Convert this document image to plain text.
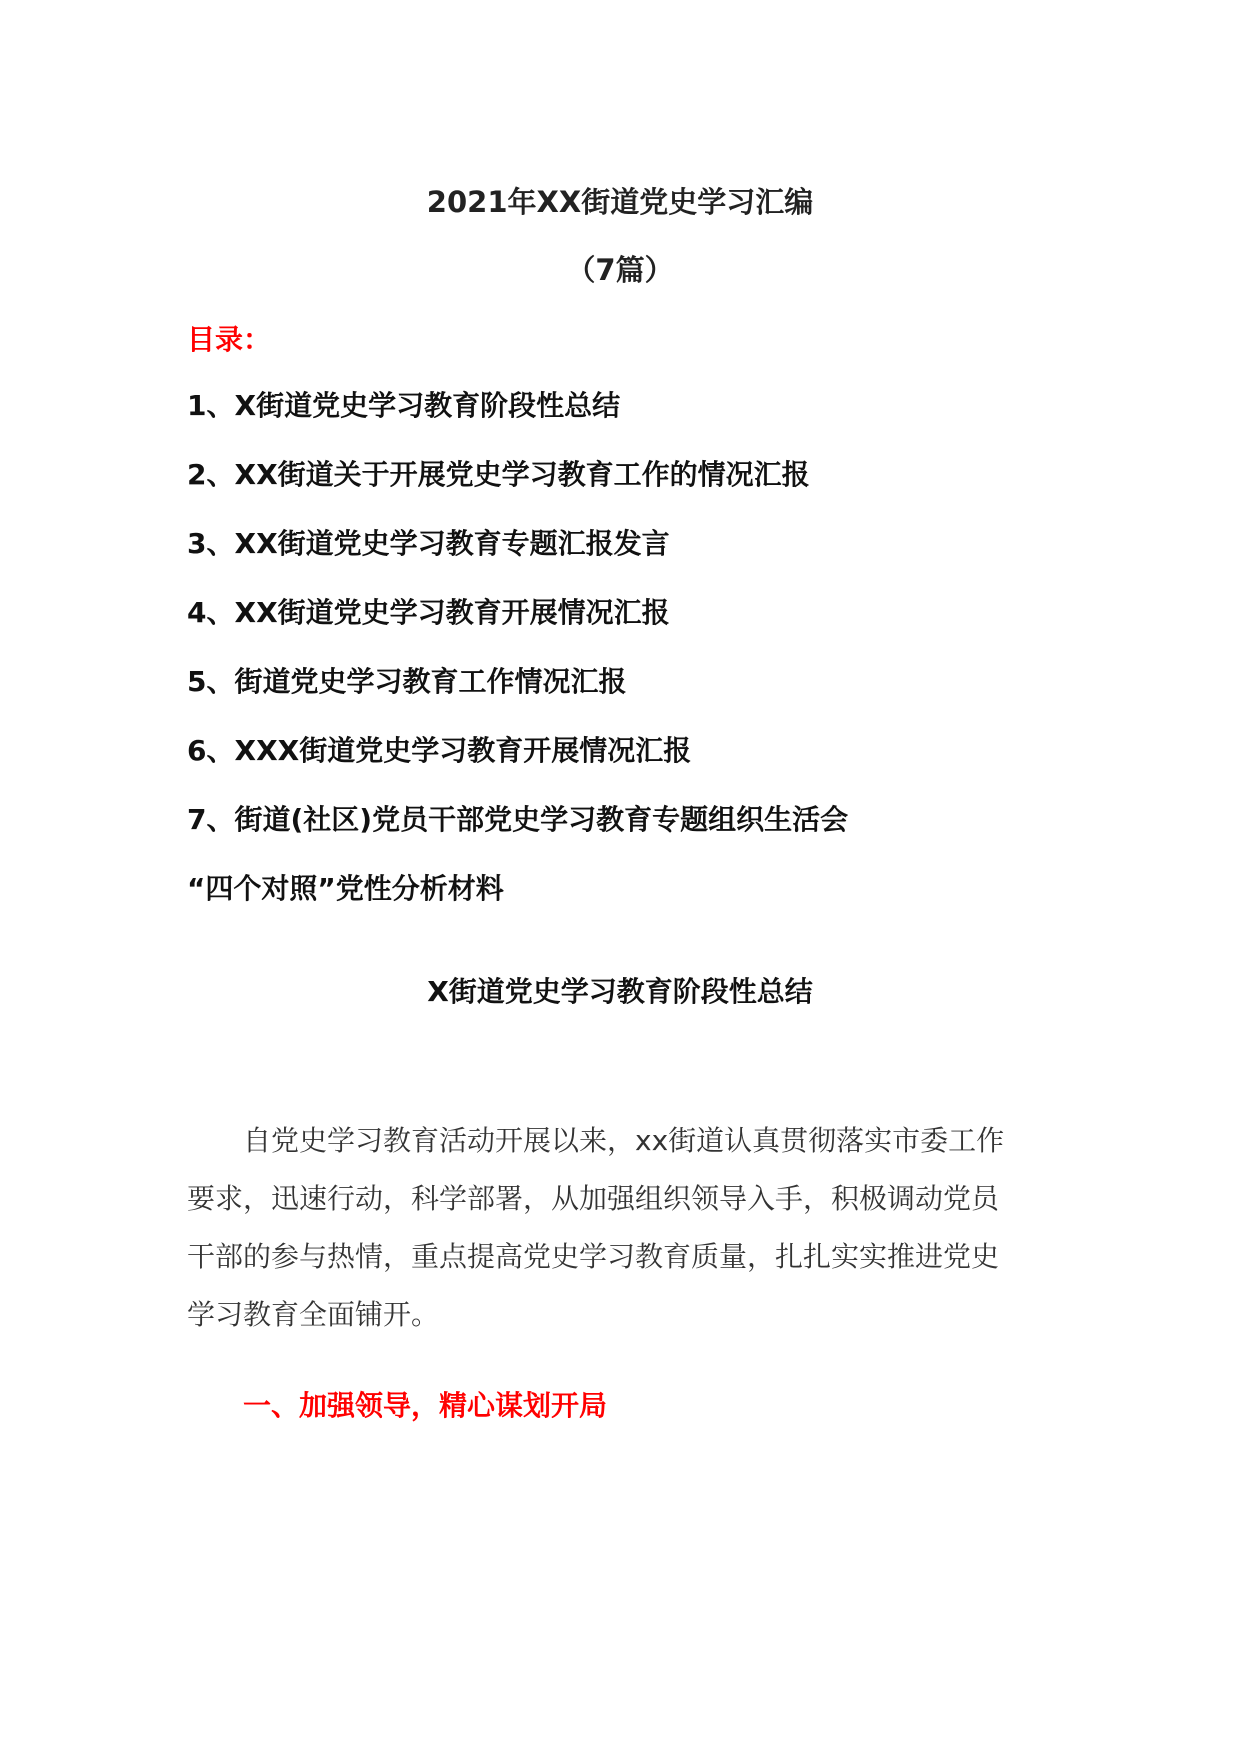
2021年XX街道党史学习汇编
（7篇）
目录：
1、X街道党史学习教育阶段性总结
2、XX街道关于开展党史学习教育工作的情况汇报
3、XX街道党史学习教育专题汇报发言
4、XX街道党史学习教育开展情况汇报
5、街道党史学习教育工作情况汇报
6、XXX街道党史学习教育开展情况汇报
7、街道(社区)党员干部党史学习教育专题组织生活会
“四个对照”党性分析材料
X街道党史学习教育阶段性总结
自党史学习教育活动开展以来，xx街道认真贯彻落实市委工作
要求，迅速行动，科学部署，从加强组织领导入手，积极调动党员
干部的参与热情，重点提高党史学习教育质量，扎扎实实推进党史
学习教育全面铺开。
一、加强领导，精心谋划开局
